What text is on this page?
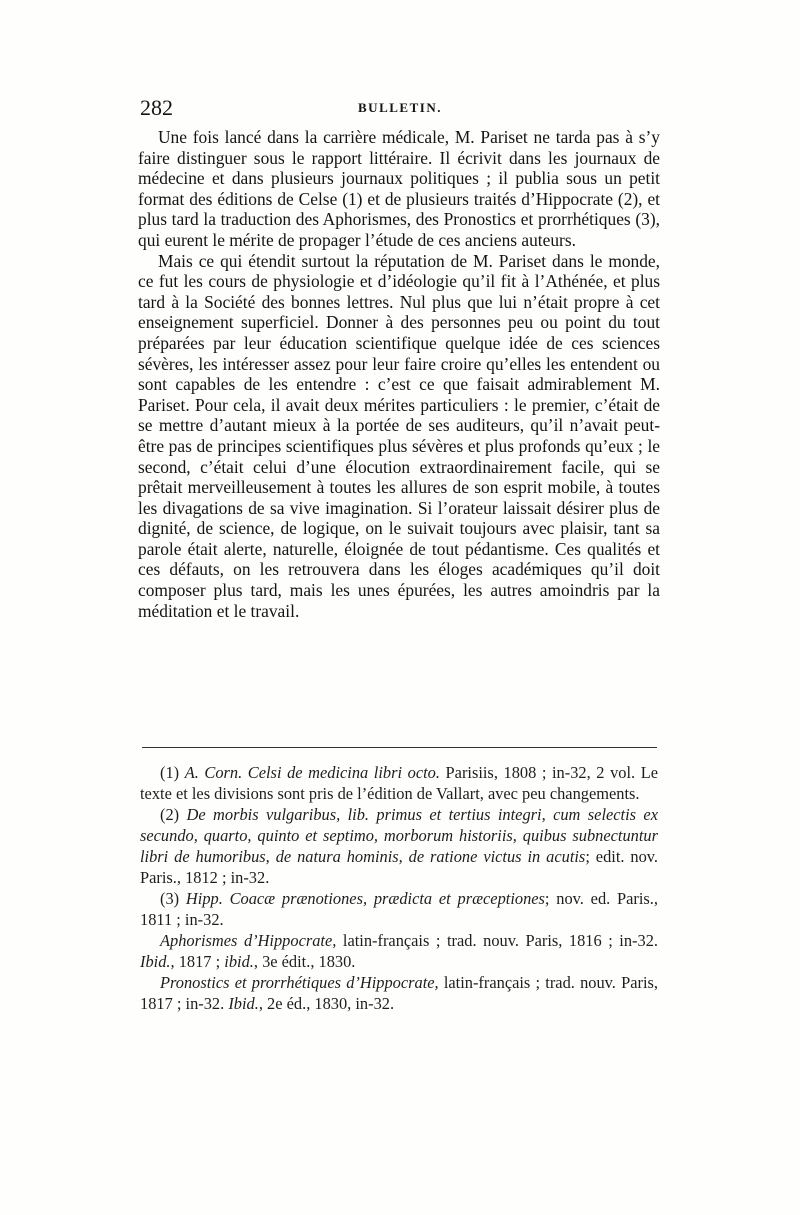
282	BULLETIN.

Une fois lancé dans la carrière médicale, M. Pariset ne tarda pas à s’y faire distinguer sous le rapport littéraire. Il écrivit dans les journaux de médecine et dans plusieurs journaux politiques ; il publia sous un petit format des éditions de Celse (1) et de plusieurs traités d’Hippocrate (2), et plus tard la traduction des Aphorismes, des Pronostics et prorrhétiques (3), qui eurent le mérite de propager l’étude de ces anciens auteurs.

Mais ce qui étendit surtout la réputation de M. Pariset dans le monde, ce fut les cours de physiologie et d’idéologie qu’il fit à l’Athénée, et plus tard à la Société des bonnes lettres. Nul plus que lui n’était propre à cet enseignement superficiel. Donner à des personnes peu ou point du tout préparées par leur éducation scientifique quelque idée de ces sciences sévères, les intéresser assez pour leur faire croire qu’elles les entendent ou sont capables de les entendre : c’est ce que faisait admirablement M. Pariset. Pour cela, il avait deux mérites particuliers : le premier, c’était de se mettre d’autant mieux à la portée de ses auditeurs, qu’il n’avait peut-être pas de principes scientifiques plus sévères et plus profonds qu’eux ; le second, c’était celui d’une élocution extraordinairement facile, qui se prêtait merveilleusement à toutes les allures de son esprit mobile, à toutes les divagations de sa vive imagination. Si l’orateur laissait désirer plus de dignité, de science, de logique, on le suivait toujours avec plaisir, tant sa parole était alerte, naturelle, éloignée de tout pédantisme. Ces qualités et ces défauts, on les retrouvera dans les éloges académiques qu’il doit composer plus tard, mais les unes épurées, les autres amoindris par la méditation et le travail.

(1) A. Corn. Celsi de medicina libri octo. Parisiis, 1808 ; in-32, 2 vol. Le texte et les divisions sont pris de l’édition de Vallart, avec peu changements.

(2) De morbis vulgaribus, lib. primus et tertius integri, cum selectis ex secundo, quarto, quinto et septimo, morborum historiis, quibus subnectuntur libri de humoribus, de natura hominis, de ratione victus in acutis; edit. nov. Paris., 1812 ; in-32.

(3) Hipp. Coacæ prænotiones, prædicta et præceptiones; nov. ed. Paris., 1811 ; in-32.

Aphorismes d’Hippocrate, latin-français ; trad. nouv. Paris, 1816 ; in-32. Ibid., 1817 ; ibid., 3e édit., 1830.

Pronostics et prorrhétiques d’Hippocrate, latin-français ; trad. nouv. Paris, 1817 ; in-32. Ibid., 2e éd., 1830, in-32.
